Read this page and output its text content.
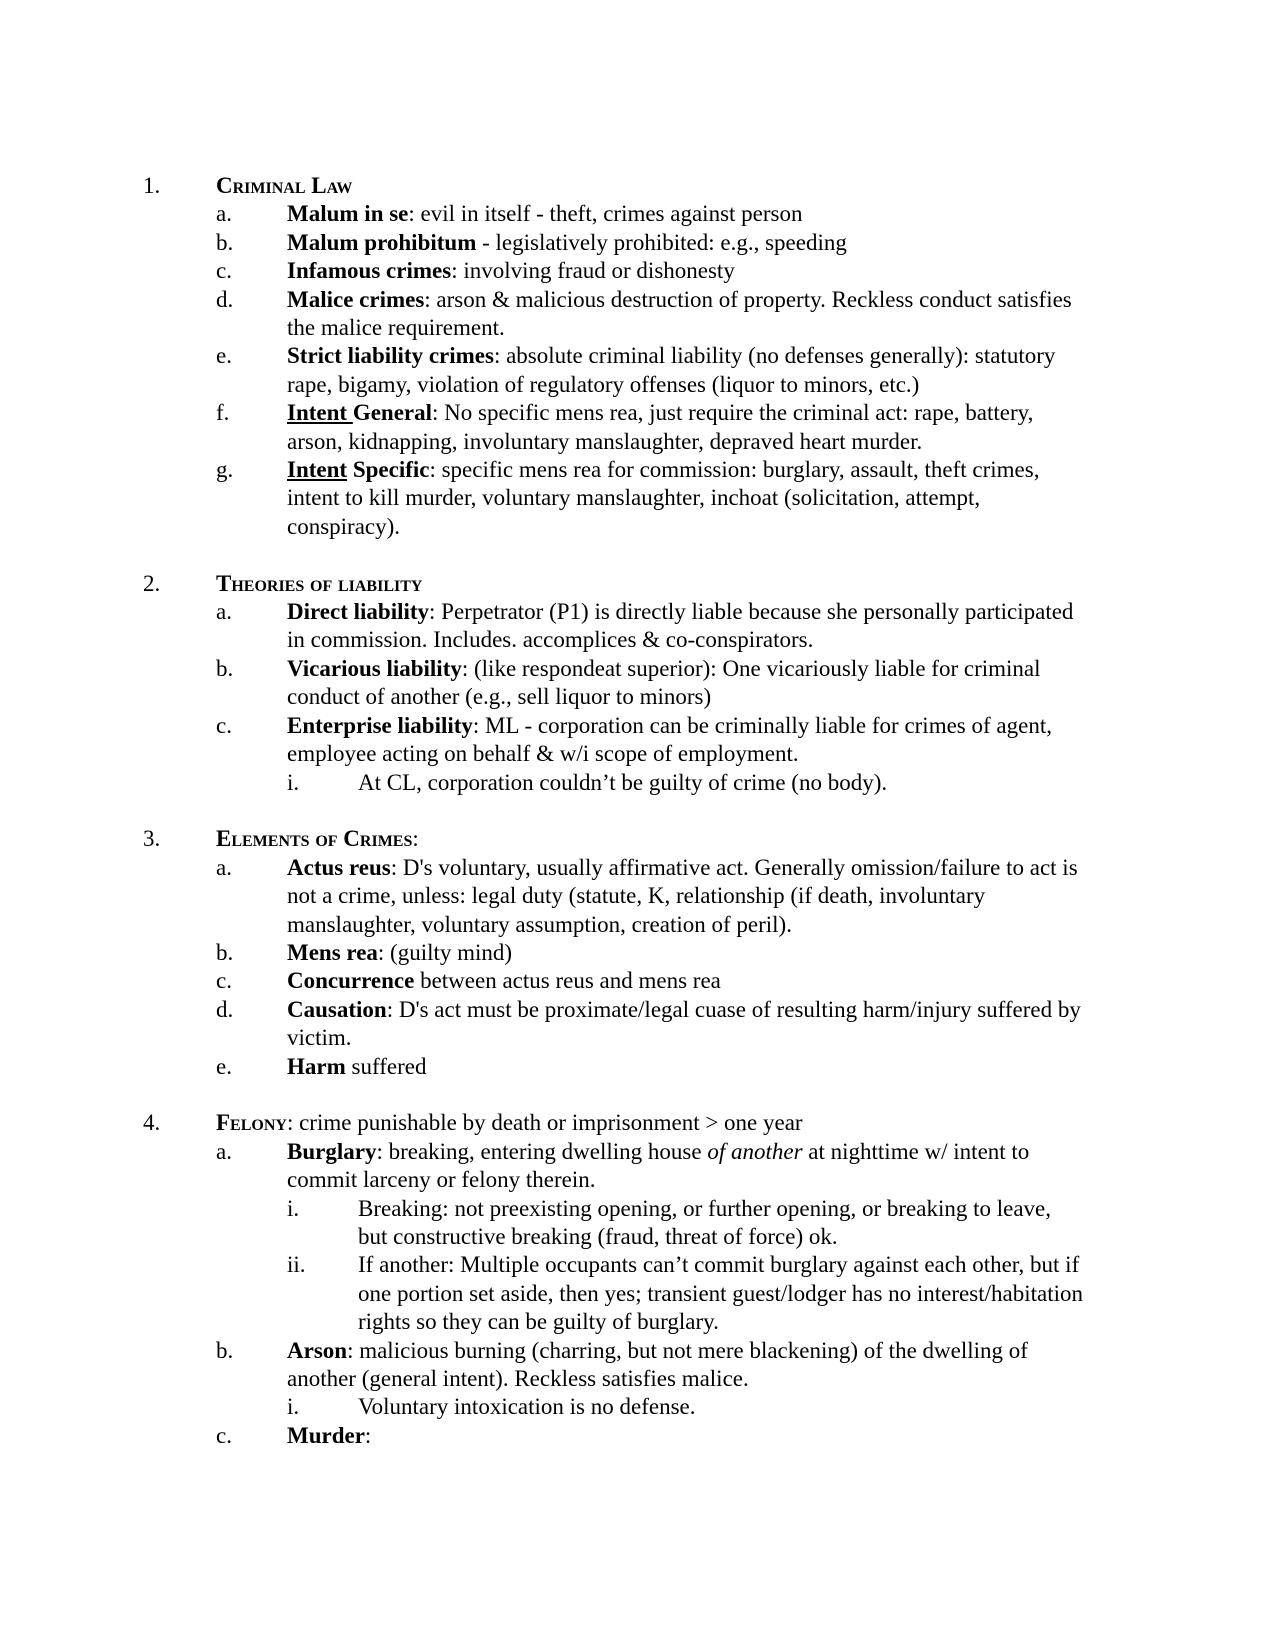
1. Criminal Law
a. Malum in se: evil in itself - theft, crimes against person
b. Malum prohibitum - legislatively prohibited: e.g., speeding
c. Infamous crimes: involving fraud or dishonesty
d. Malice crimes: arson & malicious destruction of property. Reckless conduct satisfies the malice requirement.
e. Strict liability crimes: absolute criminal liability (no defenses generally): statutory rape, bigamy, violation of regulatory offenses (liquor to minors, etc.)
f.	Intent General: No specific mens rea, just require the criminal act: rape, battery, arson, kidnapping, involuntary manslaughter, depraved heart murder.
g. Intent Specific: specific mens rea for commission: burglary, assault, theft crimes, intent to kill murder, voluntary manslaughter, inchoat (solicitation, attempt, conspiracy).
2. Theories of liability
a. Direct liability: Perpetrator (P1) is directly liable because she personally participated in commission. Includes. accomplices & co-conspirators.
b. Vicarious liability: (like respondeat superior): One vicariously liable for criminal conduct of another (e.g., sell liquor to minors)
c. Enterprise liability: ML - corporation can be criminally liable for crimes of agent, employee acting on behalf & w/i scope of employment.
i.	At CL, corporation couldn’t be guilty of crime (no body).
3. Elements of Crimes:
a. Actus reus: D's voluntary, usually affirmative act. Generally omission/failure to act is not a crime, unless: legal duty (statute, K, relationship (if death, involuntary manslaughter, voluntary assumption, creation of peril).
b. Mens rea: (guilty mind)
c. Concurrence between actus reus and mens rea
d. Causation: D's act must be proximate/legal cuase of resulting harm/injury suffered by victim.
e. Harm suffered
4. Felony: crime punishable by death or imprisonment > one year
a. Burglary: breaking, entering dwelling house of another at nighttime w/ intent to commit larceny or felony therein.
i.	Breaking: not preexisting opening, or further opening, or breaking to leave, but constructive breaking (fraud, threat of force) ok.
ii. If another: Multiple occupants can’t commit burglary against each other, but if one portion set aside, then yes; transient guest/lodger has no interest/habitation rights so they can be guilty of burglary.
b. Arson: malicious burning (charring, but not mere blackening) of the dwelling of another (general intent). Reckless satisfies malice.
i.	Voluntary intoxication is no defense.
c. Murder:
